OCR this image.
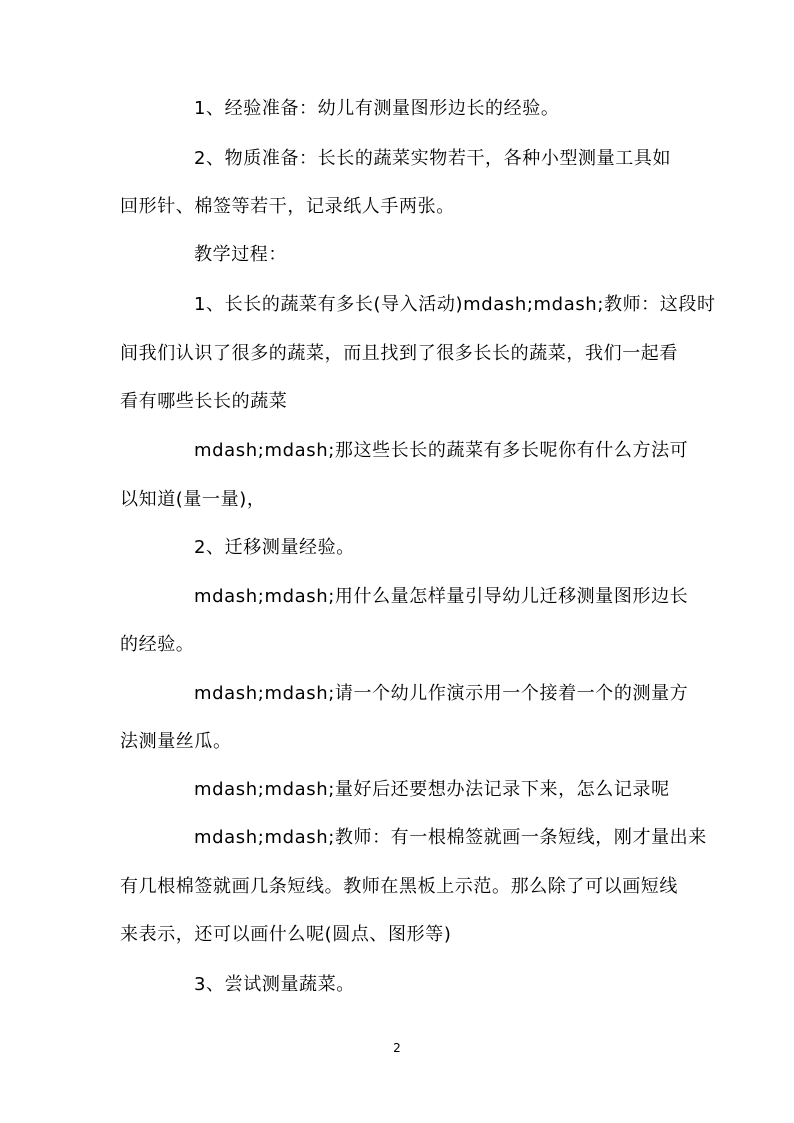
1、经验准备：幼儿有测量图形边长的经验。
2、物质准备：长长的蔬菜实物若干，各种小型测量工具如
回形针、棉签等若干，记录纸人手两张。
教学过程：
1、长长的蔬菜有多长(导入活动)mdash;mdash;教师：这段时
间我们认识了很多的蔬菜，而且找到了很多长长的蔬菜，我们一起看
看有哪些长长的蔬菜
mdash;mdash;那这些长长的蔬菜有多长呢你有什么方法可
以知道(量一量)，
2、迁移测量经验。
mdash;mdash;用什么量怎样量引导幼儿迁移测量图形边长
的经验。
mdash;mdash;请一个幼儿作演示用一个接着一个的测量方
法测量丝瓜。
mdash;mdash;量好后还要想办法记录下来，怎么记录呢
mdash;mdash;教师：有一根棉签就画一条短线，刚才量出来
有几根棉签就画几条短线。教师在黑板上示范。那么除了可以画短线
来表示，还可以画什么呢(圆点、图形等)
3、尝试测量蔬菜。
2
